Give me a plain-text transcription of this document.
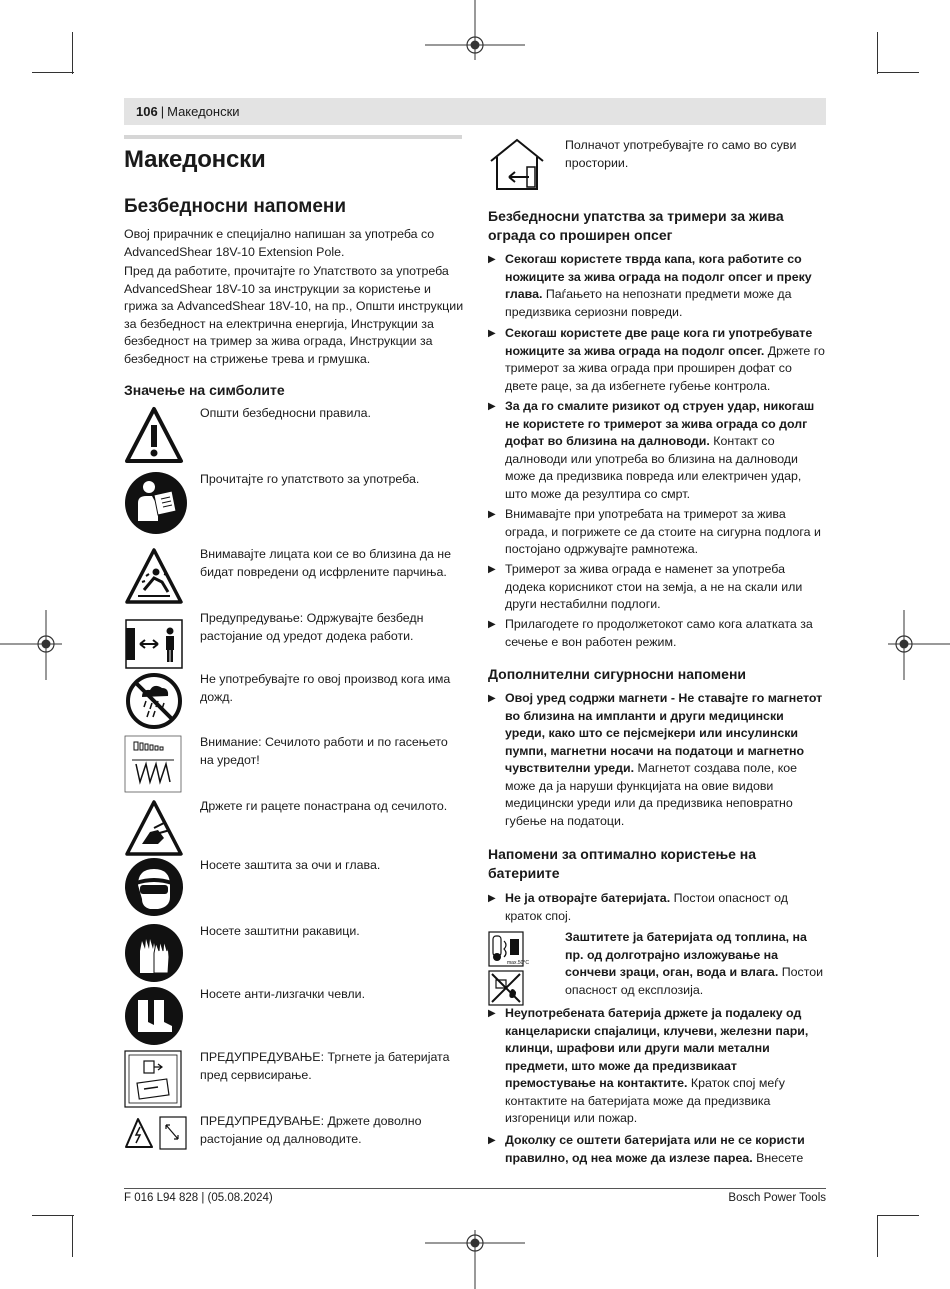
106 | Македонски
Македонски
Безбедносни напомени
Овој прирачник е специјално напишан за употреба со AdvancedShear 18V-10 Extension Pole.
Пред да работите, прочитајте го Упатството за употреба AdvancedShear 18V-10 за инструкции за користење и грижа за AdvancedShear 18V-10, на пр., Општи инструкции за безбедност на електрична енергија, Инструкции за безбедност на тример за жива ограда, Инструкции за безбедност на стрижење трева и грмушка.
Значење на симболите
Општи безбедносни правила.
Прочитајте го упатството за употреба.
Внимавајте лицата кои се во близина да не бидат повредени од исфрлените парчиња.
Предупредување: Одржувајте безбедн растојание од уредот додека работи.
Не употребувајте го овој производ кога има дожд.
Внимание: Сечилото работи и по гасењето на уредот!
Држете ги рацете понастрана од сечилото.
Носете заштита за очи и глава.
Носете заштитни ракавици.
Носете анти-лизгачки чевли.
ПРЕДУПРЕДУВАЊЕ: Тргнете ја батеријата пред сервисирање.
ПРЕДУПРЕДУВАЊЕ: Држете доволно растојание од далноводите.
Полначот употребувајте го само во суви простории.
Безбедносни упатства за тримери за жива ограда со проширен опсег
▶ Секогаш користете тврда капа, кога работите со ножиците за жива ограда на подолг опсег и преку глава. Паѓањето на непознати предмети може да предизвика сериозни повреди.
▶ Секогаш користете две раце кога ги употребувате ножиците за жива ограда на подолг опсег. Држете го тримерот за жива ограда при проширен дофат со двете раце, за да избегнете губење контрола.
▶ За да го смалите ризикот од струен удар, никогаш не користете го тримерот за жива ограда со долг дофат во близина на далноводи. Контакт со далноводи или употреба во близина на далноводи може да предизвика повреда или електричен удар, што може да резултира со смрт.
▶ Внимавајте при употребата на тримерот за жива ограда, и погрижете се да стоите на сигурна подлога и постојано одржувајте рамнотежа.
▶ Тримерот за жива ограда е наменет за употреба додека корисникот стои на земја, а не на скали или други нестабилни подлоги.
▶ Прилагодете го продолжетокот само кога алатката за сечење е вон работен режим.
Дополнителни сигурносни напомени
▶ Овој уред содржи магнети - Не ставајте го магнетот во близина на импланти и други медицински уреди, како што се пејсмејкери или инсулински пумпи, магнетни носачи на податоци и магнетно чувствителни уреди. Магнетот создава поле, кое може да ја наруши функцијата на овие видови медицински уреди или да предизвика неповратно губење на податоци.
Напомени за оптимално користење на батериите
▶ Не ја отворајте батеријата. Постои опасност од краток спој.
max.50°C
Заштитете ја батеријата од топлина, на пр. од долготрајно изложување на сончеви зраци, оган, вода и влага. Постои опасност од експлозија.
▶ Неупотребената батерија држете ја подалеку од канцелариски спајалици, клучеви, железни пари, клинци, шрафови или други мали метални предмети, што може да предизвикаат премостување на контактите. Краток спој меѓу контактите на батеријата може да предизвика изгореници или пожар.
▶ Доколку се оштети батеријата или не се користи правилно, од неа може да излезе пареа. Внесете
F 016 L94 828 | (05.08.2024)	Bosch Power Tools
